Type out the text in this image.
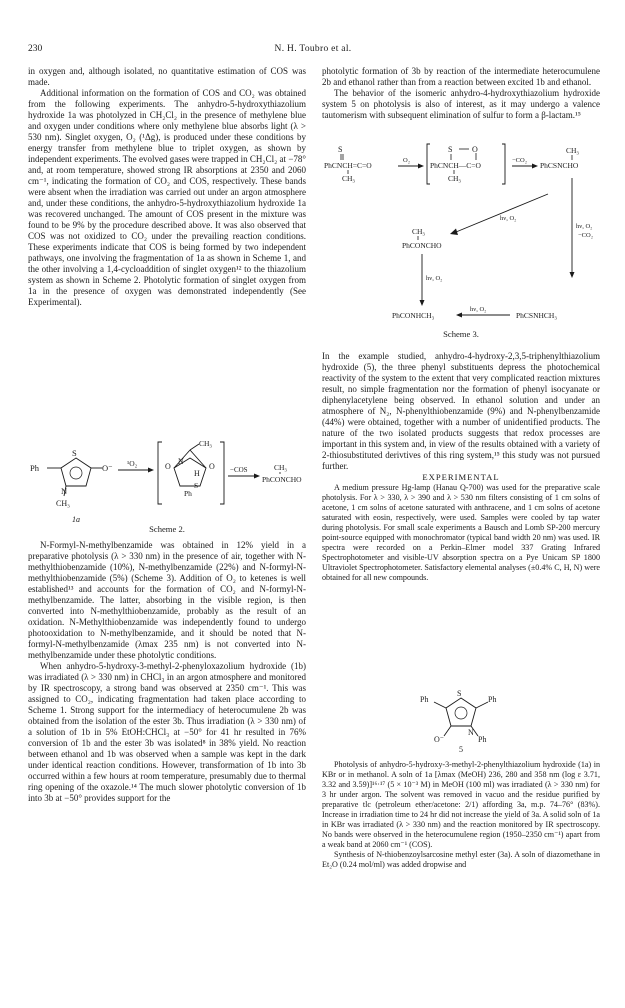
230	N. H. Toubro et al.

in oxygen and, although isolated, no quantitative estimation of COS was made.

Additional information on the formation of COS and CO₂ was obtained from the following experiments. The anhydro-5-hydroxythiazolium hydroxide 1a was photolyzed in CH₂Cl₂ in the presence of methylene blue and oxygen under conditions where only methylene blue absorbs light (λ > 530 nm). Singlet oxygen, O₂ (¹Δg), is produced under these conditions by energy transfer from methylene blue to triplet oxygen, as shown by independent experiments. The evolved gases were trapped in CH₂Cl₂ at −78° and, at room temperature, showed strong IR absorptions at 2350 and 2060 cm⁻¹, indicating the formation of CO₂ and COS, respectively. These bands were absent when the irradiation was carried out under an argon atmosphere and, under these conditions, the anhydro-5-hydroxythiazolium hydroxide 1a was recovered unchanged. The amount of COS present in the mixture was found to be 9% by the procedure described above. It was also observed that COS was not oxidized to CO₂ under the prevailing reaction conditions. These experiments indicate that COS is being formed by two independent pathways, one involving the fragmentation of 1a as shown in Scheme 1, and the other involving a 1,4-cycloaddition of singlet oxygen¹² to the thiazolium system as shown in Scheme 2. Photolytic formation of singlet oxygen from 1a in the presence of oxygen was demonstrated independently (See Experimental).

Ph
S
O⁻
N
CH₃
1a
¹O₂
CH₃
O	O
N
H
Ph
S
−COS	CH₃
PhCONCHO

Scheme 2.

N-Formyl-N-methylbenzamide was obtained in 12% yield in a preparative photolysis (λ > 330 nm) in the presence of air, together with N-methylthiobenzamide (10%), N-methylbenzamide (22%) and N-formyl-N-methylthiobenzamide (5%) (Scheme 3). Addition of O₂ to ketenes is well established¹³ and accounts for the formation of CO₂ and N-formyl-N-methylbenzamide. The latter, absorbing in the visible region, is then converted into N-methylthiobenzamide, probably as the result of an oxidation. N-Methylthiobenzamide was independently found to undergo photooxidation to N-methylbenzamide, and it should be noted that N-formyl-N-methylbenzamide (λmax 235 nm) is not converted into N-methylbenzamide under these photolytic conditions.

When anhydro-5-hydroxy-3-methyl-2-phenyloxazolium hydroxide (1b) was irradiated (λ > 330 nm) in CHCl₃ in an argon atmosphere and monitored by IR spectroscopy, a strong band was observed at 2350 cm⁻¹. This was assigned to CO₂, indicating fragmentation had taken place according to Scheme 1. Strong support for the intermediacy of heterocumulene 2b was obtained from the isolation of the ester 3b. Thus irradiation (λ > 330 nm) of a solution of 1b in 5% EtOH:CHCl₃ at −50° for 41 hr resulted in 76% conversion of 1b and the ester 3b was isolated⁸ in 38% yield. No reaction between ethanol and 1b was observed when a sample was kept in the dark under identical reaction conditions. However, transformation of 1b into 3b occurred within a few hours at room temperature, presumably due to thermal ring opening of the oxazole.¹⁴ The much slower photolytic conversion of 1b into 3b at −50° provides support for the

photolytic formation of 3b by reaction of the intermediate heterocumulene 2b and ethanol rather than from a reaction between excited 1b and ethanol.

The behavior of the isomeric anhydro-4-hydroxythiazolium hydroxide system 5 on photolysis is also of interest, as it may undergo a valence tautomerism with subsequent elimination of sulfur to form a β-lactam.¹⁵

S
PhCNCH=C=O
CH₃
O₂
S O
PhCNCH—C=O
CH₃
−CO₂
CH₃
PhCSNCHO
hν, O₂
hν, O₂
−CO₂
CH₃
PhCONCHO
hν, O₂
PhCONHCH₃
hν, O₂
PhCSNHCH₃
Scheme 3.

In the example studied, anhydro-4-hydroxy-2,3,5-triphenylthiazolium hydroxide (5), the three phenyl substituents depress the photochemical reactivity of the system to the extent that very complicated reaction mixtures result, no simple fragmentation nor the formation of phenyl isocyanate or diphenylacetylene being observed. In ethanol solution and under an atmosphere of N₂, N-phenylthiobenzamide (9%) and N-phenylbenzamide (44%) were obtained, together with a number of unidentified products. The nature of the two isolated products suggests that redox processes are important in this system and, in view of the results obtained with a variety of 2-thiosubstituted derivtives of this ring system,¹⁵ this study was not pursued further.

EXPERIMENTAL

A medium pressure Hg-lamp (Hanau Q-700) was used for the preparative scale photolysis. For λ > 330, λ > 390 and λ > 530 nm filters consisting of 1 cm solns of acetone, 1 cm solns of acetone saturated with anthracene, and 1 cm solns of acetone saturated with eosin, respectively, were used. Samples were cooled by tap water during photolysis. For small scale experiments a Bausch and Lomb SP-200 mercury point-source equipped with monochromator (typical band width 20 nm) was used. IR spectra were recorded on a Perkin–Elmer model 337 Grating Infrared Spectrophotometer and visible-UV absorption spectra on a Pye Unicam SP 1800 Ultraviolet Spectrophotometer. Satisfactory elemental analyses (±0.4% C, H, N) were obtained for all new compounds.

Ph	Ph
S
O⁻
N
Ph
5

Photolysis of anhydro-5-hydroxy-3-methyl-2-phenylthiazolium hydroxide (1a) in KBr or in methanol. A soln of 1a [λmax (MeOH) 236, 280 and 358 nm (log ε 3.71, 3.32 and 3.59)]¹⁶·¹⁷ (5 × 10⁻³ M) in MeOH (100 ml) was irradiated (λ > 330 nm) for 3 hr under argon. The solvent was removed in vacuo and the residue purified by preparative tlc (petroleum ether/acetone: 2/1) affording 3a, m.p. 74–76° (83%). Increase in irradiation time to 24 hr did not increase the yield of 3a. A solid soln of 1a in KBr was irradiated (λ > 330 nm) and the reaction monitored by IR spectroscopy. No bands were observed in the heterocumulene region (1950–2350 cm⁻¹) apart from a weak band at 2060 cm⁻¹ (COS).

Synthesis of N-thiobenzoylsarcosine methyl ester (3a). A soln of diazomethane in Et₂O (0.24 mol/ml) was added dropwise and
